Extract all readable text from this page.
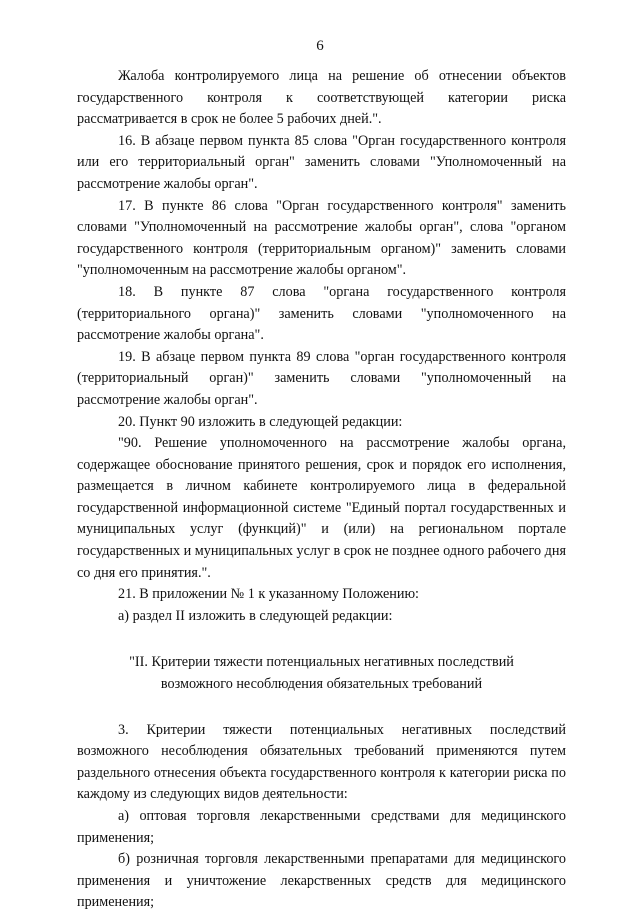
6

Жалоба контролируемого лица на решение об отнесении объектов государственного контроля к соответствующей категории риска рассматривается в срок не более 5 рабочих дней.".

16. В абзаце первом пункта 85 слова "Орган государственного контроля или его территориальный орган" заменить словами "Уполномоченный на рассмотрение жалобы орган".

17. В пункте 86 слова "Орган государственного контроля" заменить словами "Уполномоченный на рассмотрение жалобы орган", слова "органом государственного контроля (территориальным органом)" заменить словами "уполномоченным на рассмотрение жалобы органом".

18. В пункте 87 слова "органа государственного контроля (территориального органа)" заменить словами "уполномоченного на рассмотрение жалобы органа".

19. В абзаце первом пункта 89 слова "орган государственного контроля (территориальный орган)" заменить словами "уполномоченный на рассмотрение жалобы орган".

20. Пункт 90 изложить в следующей редакции:

"90. Решение уполномоченного на рассмотрение жалобы органа, содержащее обоснование принятого решения, срок и порядок его исполнения, размещается в личном кабинете контролируемого лица в федеральной государственной информационной системе "Единый портал государственных и муниципальных услуг (функций)" и (или) на региональном портале государственных и муниципальных услуг в срок не позднее одного рабочего дня со дня его принятия.".

21. В приложении № 1 к указанному Положению:

а) раздел II изложить в следующей редакции:

"II. Критерии тяжести потенциальных негативных последствий
возможного несоблюдения обязательных требований

3. Критерии тяжести потенциальных негативных последствий возможного несоблюдения обязательных требований применяются путем раздельного отнесения объекта государственного контроля к категории риска по каждому из следующих видов деятельности:

а) оптовая торговля лекарственными средствами для медицинского применения;

б) розничная торговля лекарственными препаратами для медицинского применения и уничтожение лекарственных средств для медицинского применения;
